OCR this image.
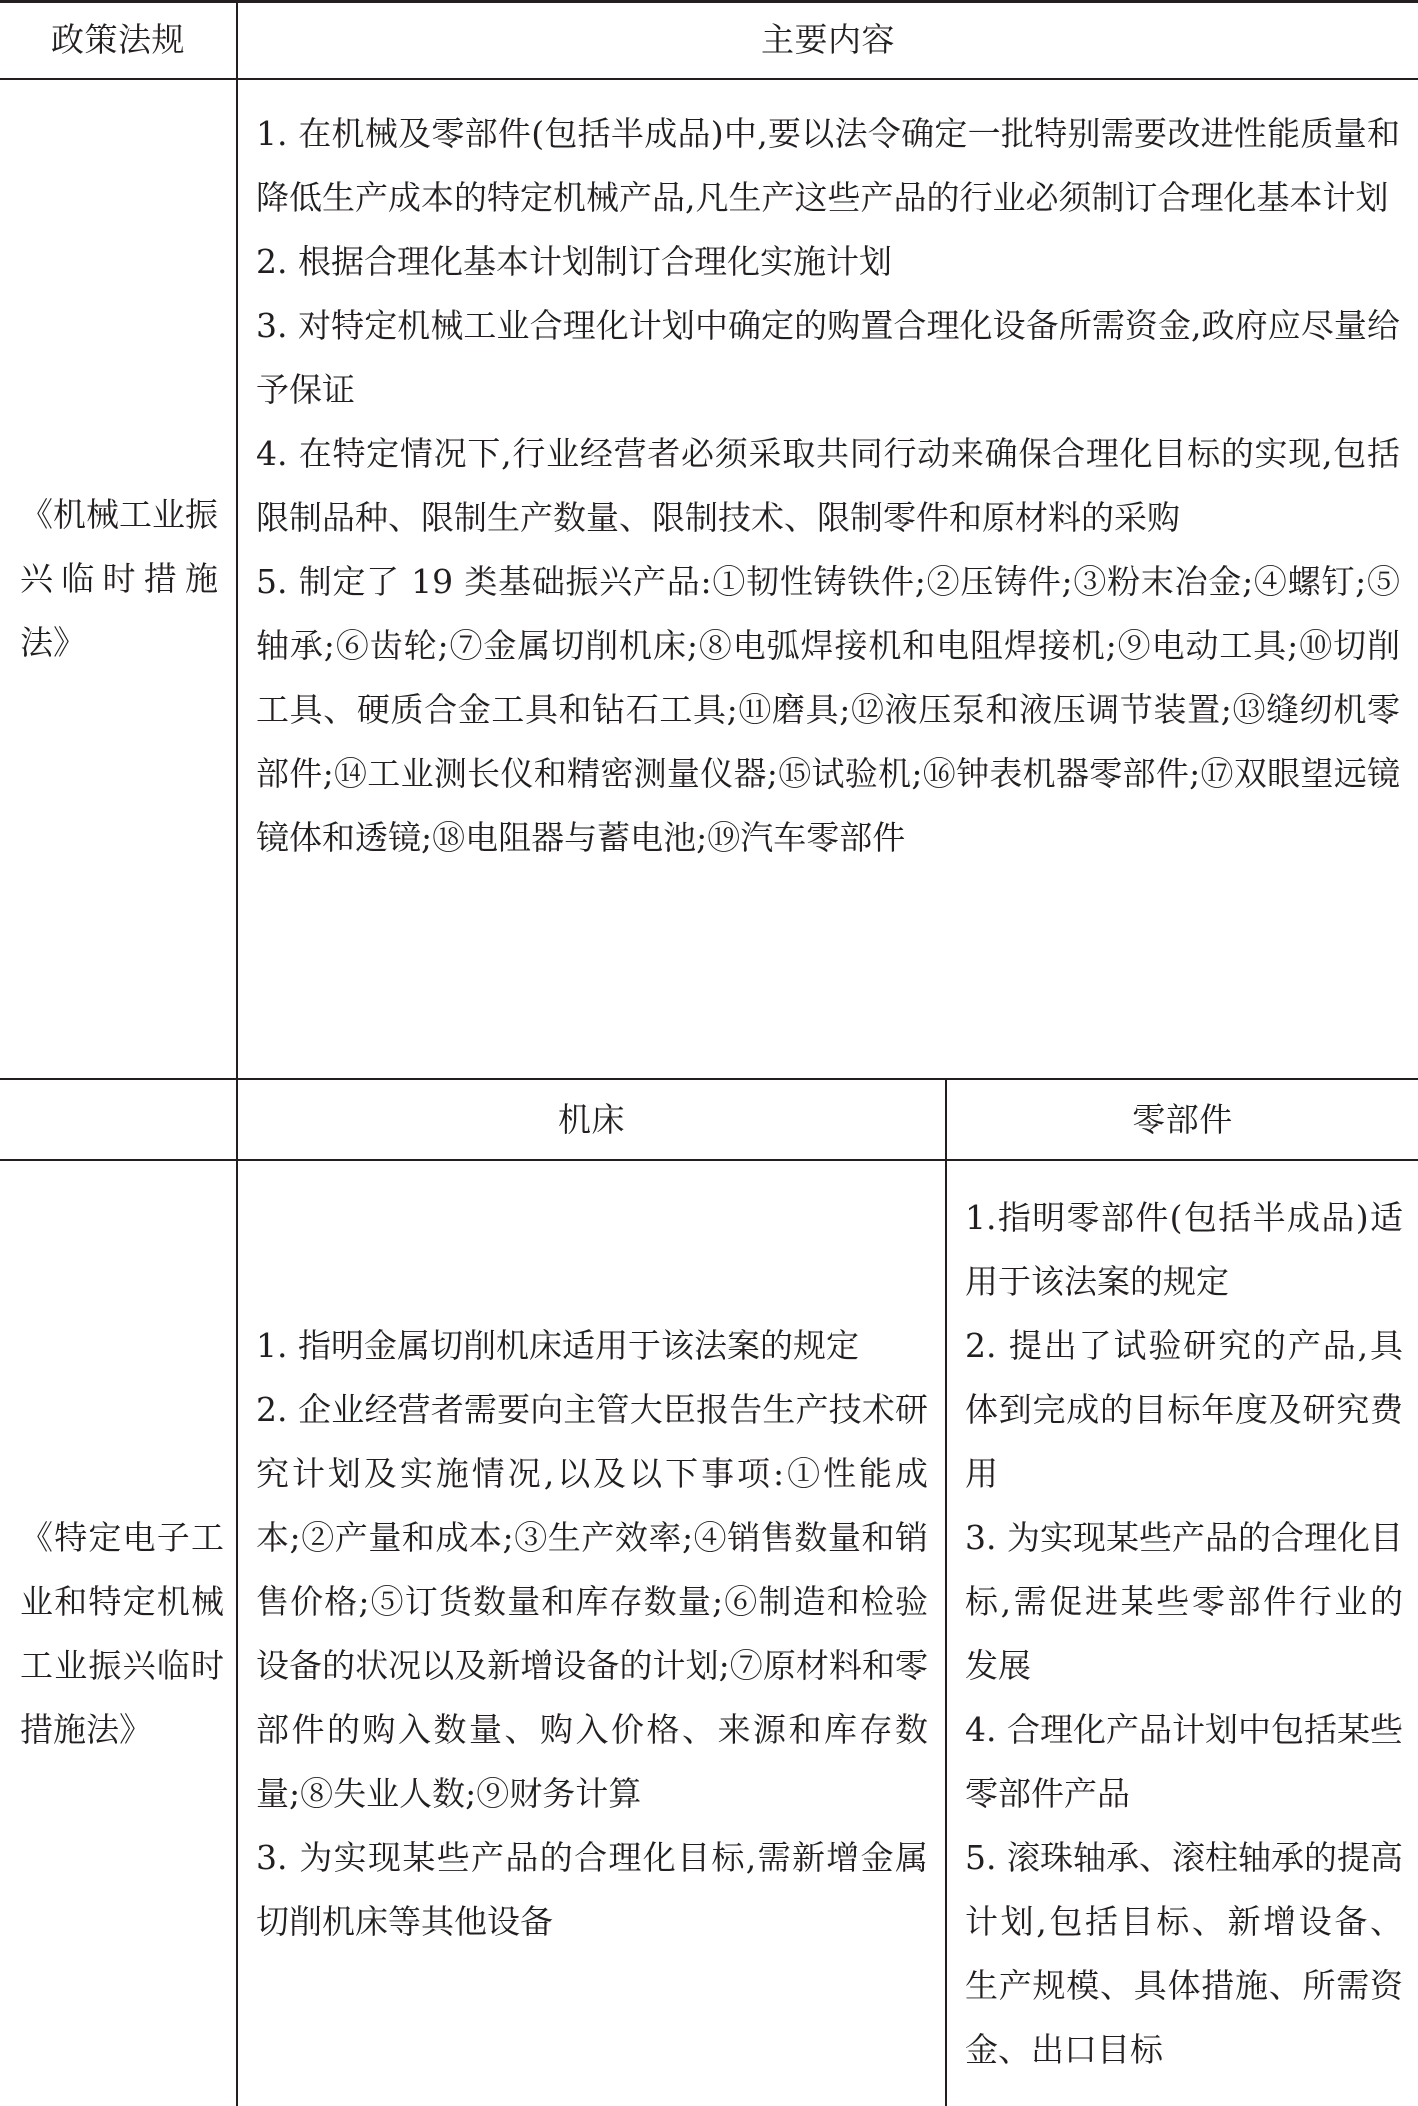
政策法规	主要内容

《机械工业振兴临时措施法》

1. 在机械及零部件(包括半成品)中,要以法令确定一批特别需要改进性能质量和降低生产成本的特定机械产品,凡生产这些产品的行业必须制订合理化基本计划

2. 根据合理化基本计划制订合理化实施计划

3. 对特定机械工业合理化计划中确定的购置合理化设备所需资金,政府应尽量给予保证

4. 在特定情况下,行业经营者必须采取共同行动来确保合理化目标的实现,包括限制品种、限制生产数量、限制技术、限制零件和原材料的采购

5. 制定了 19 类基础振兴产品:①韧性铸铁件;②压铸件;③粉末冶金;④螺钉;⑤轴承;⑥齿轮;⑦金属切削机床;⑧电弧焊接机和电阻焊接机;⑨电动工具;⑩切削工具、硬质合金工具和钻石工具;⑪磨具;⑫液压泵和液压调节装置;⑬缝纫机零部件;⑭工业测长仪和精密测量仪器;⑮试验机;⑯钟表机器零部件;⑰双眼望远镜镜体和透镜;⑱电阻器与蓄电池;⑲汽车零部件

机床	零部件

《特定电子工业和特定机械工业振兴临时措施法》

1. 指明金属切削机床适用于该法案的规定

2. 企业经营者需要向主管大臣报告生产技术研究计划及实施情况,以及以下事项:①性能成本;②产量和成本;③生产效率;④销售数量和销售价格;⑤订货数量和库存数量;⑥制造和检验设备的状况以及新增设备的计划;⑦原材料和零部件的购入数量、购入价格、来源和库存数量;⑧失业人数;⑨财务计算

3. 为实现某些产品的合理化目标,需新增金属切削机床等其他设备

1.指明零部件(包括半成品)适用于该法案的规定

2. 提出了试验研究的产品,具体到完成的目标年度及研究费用

3. 为实现某些产品的合理化目标,需促进某些零部件行业的发展

4. 合理化产品计划中包括某些零部件产品

5. 滚珠轴承、滚柱轴承的提高计划,包括目标、新增设备、生产规模、具体措施、所需资金、出口目标
